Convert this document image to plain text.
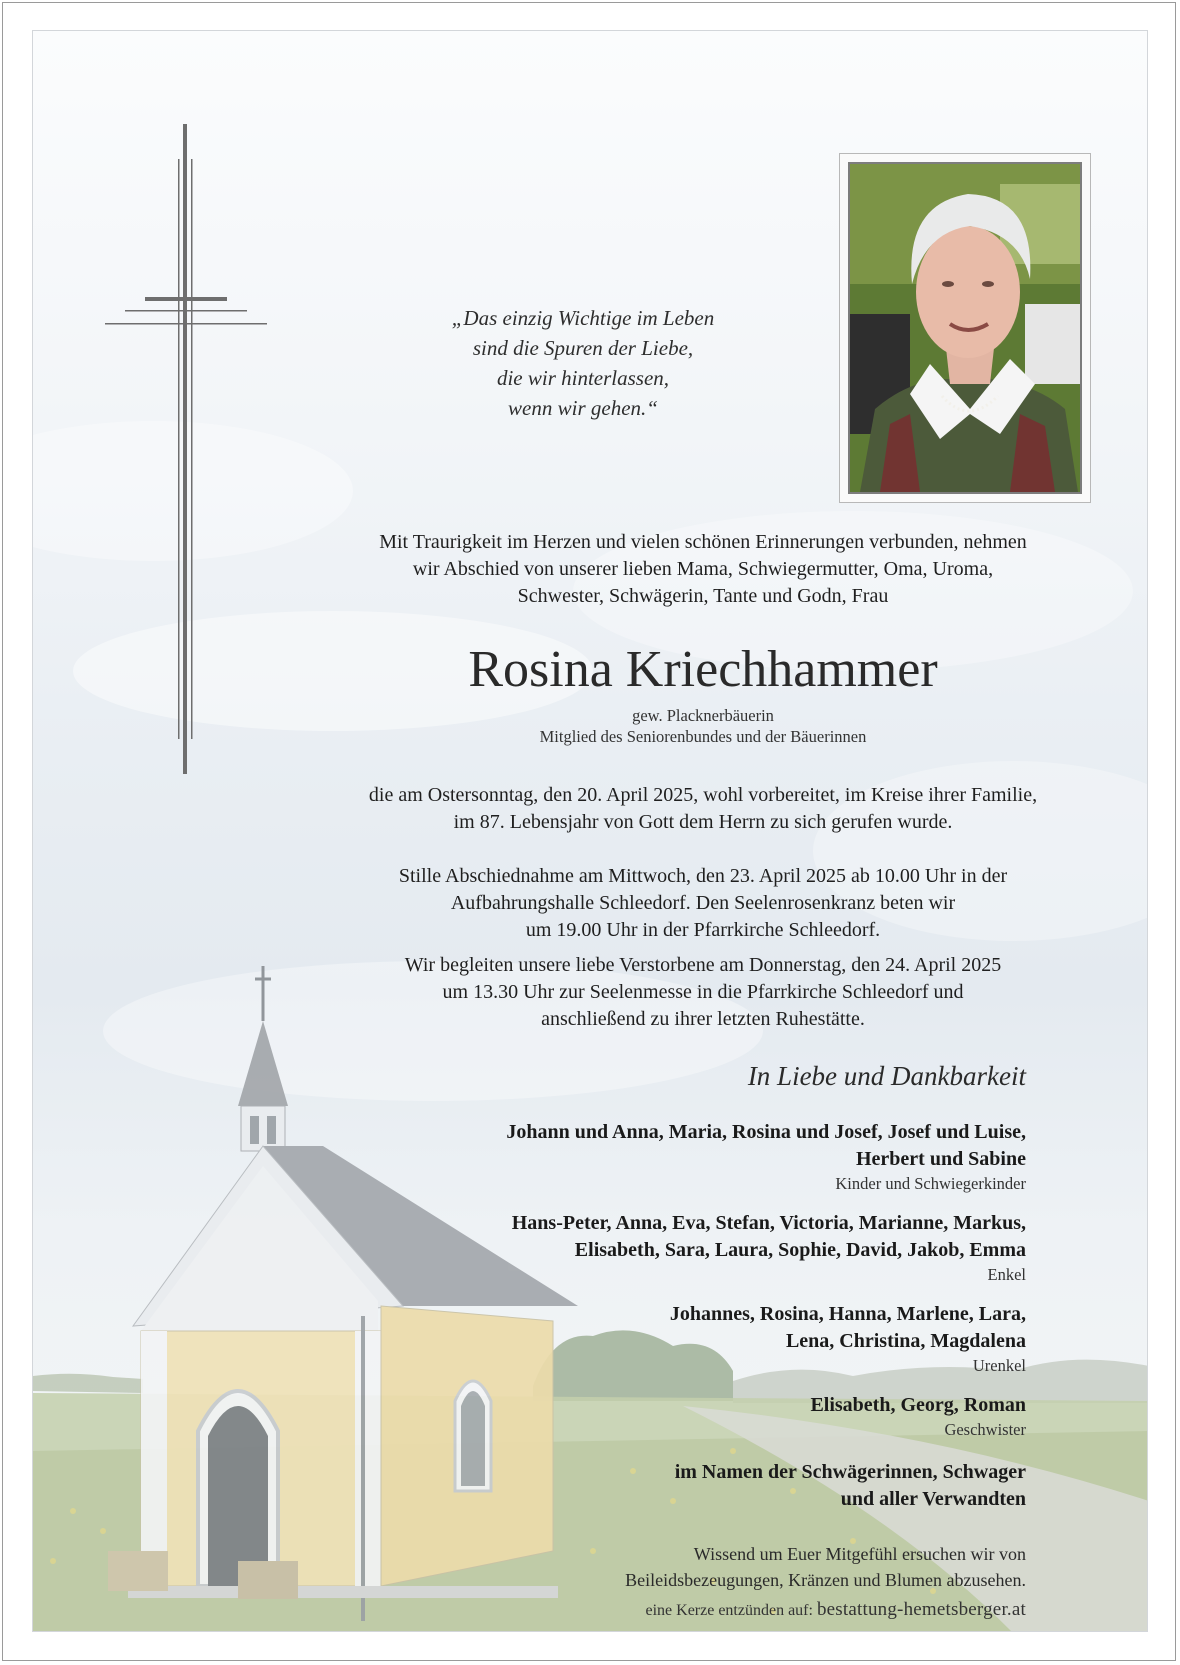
„Das einzig Wichtige im Leben
sind die Spuren der Liebe,
die wir hinterlassen,
wenn wir gehen.“
Mit Traurigkeit im Herzen und vielen schönen Erinnerungen verbunden, nehmen
wir Abschied von unserer lieben Mama, Schwiegermutter, Oma, Uroma,
Schwester, Schwägerin, Tante und Godn, Frau
Rosina Kriechhammer
gew. Placknerbäuerin
Mitglied des Seniorenbundes und der Bäuerinnen
die am Ostersonntag, den 20. April 2025, wohl vorbereitet, im Kreise ihrer Familie,
im 87. Lebensjahr von Gott dem Herrn zu sich gerufen wurde.
Stille Abschiednahme am Mittwoch, den 23. April 2025 ab 10.00 Uhr in der
Aufbahrungshalle Schleedorf. Den Seelenrosenkranz beten wir
um 19.00 Uhr in der Pfarrkirche Schleedorf.
Wir begleiten unsere liebe Verstorbene am Donnerstag, den 24. April 2025
um 13.30 Uhr zur Seelenmesse in die Pfarrkirche Schleedorf und
anschließend zu ihrer letzten Ruhestätte.
In Liebe und Dankbarkeit
Johann und Anna, Maria, Rosina und Josef, Josef und Luise,
Herbert und Sabine
Kinder und Schwiegerkinder
Hans-Peter, Anna, Eva, Stefan, Victoria, Marianne, Markus,
Elisabeth, Sara, Laura, Sophie, David, Jakob, Emma
Enkel
Johannes, Rosina, Hanna, Marlene, Lara,
Lena, Christina, Magdalena
Urenkel
Elisabeth, Georg, Roman
Geschwister
im Namen der Schwägerinnen, Schwager
und aller Verwandten
Wissend um Euer Mitgefühl ersuchen wir von
Beileidsbezeugungen, Kränzen und Blumen abzusehen.
eine Kerze entzünden auf: bestattung-hemetsberger.at
